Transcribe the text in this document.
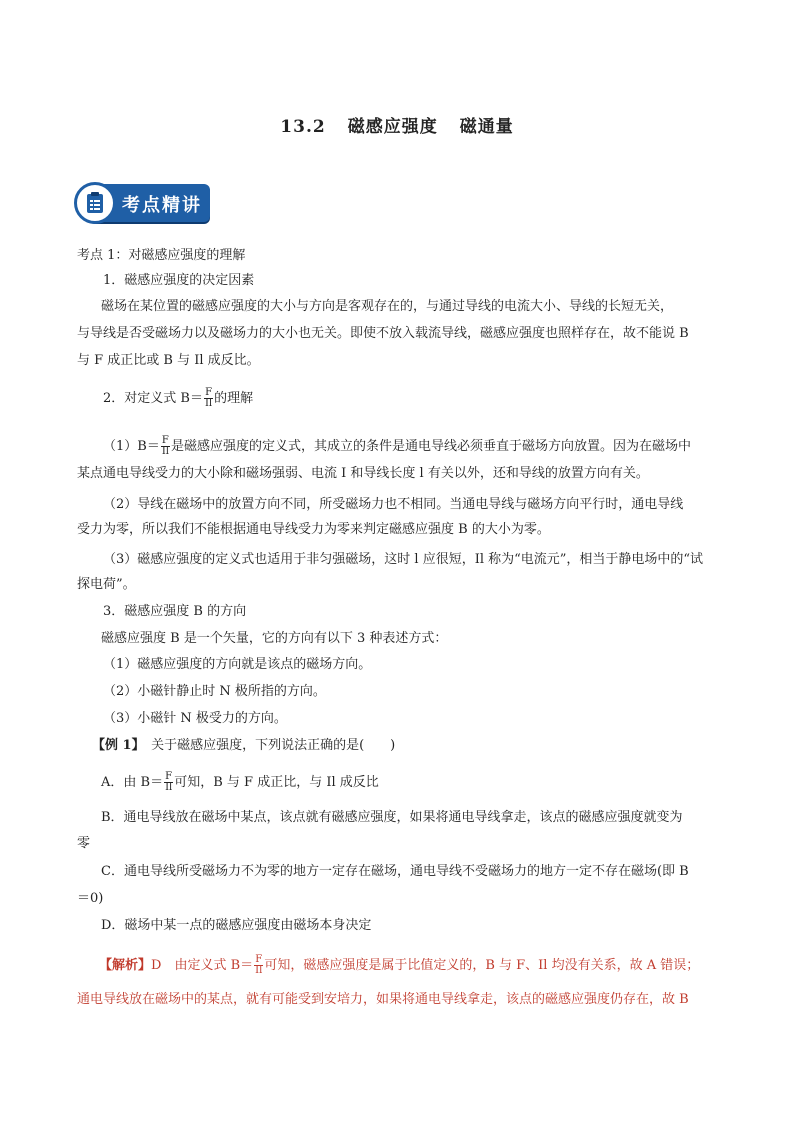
13.2 磁感应强度 磁通量
考点精讲
考点 1：对磁感应强度的理解
1．磁感应强度的决定因素
磁场在某位置的磁感应强度的大小与方向是客观存在的，与通过导线的电流大小、导线的长短无关，
与导线是否受磁场力以及磁场力的大小也无关。即使不放入载流导线，磁感应强度也照样存在，故不能说 B
与 F 成正比或 B 与 Il 成反比。
2．对定义式 $B= \frac{F}{Il}$ 的理解
$(1)B= \frac{F}{Il}$ 是磁感应强度的定义式，其成立的条件是通电导线必须垂直于磁场方向放置。因为在磁场中
某点通电导线受力的大小除和磁场强弱、电流 I 和导线长度 l 有关以外，还和导线的放置方向有关。
（2）导线在磁场中的放置方向不同，所受磁场力也不相同。当通电导线与磁场方向平行时，通电导线
受力为零，所以我们不能根据通电导线受力为零来判定磁感应强度 B 的大小为零。
（3）磁感应强度的定义式也适用于非匀强磁场，这时 l 应很短，Il 称为“电流元”，相当于静电场中的“试
探电荷”。
3．磁感应强度 B 的方向
磁感应强度 B 是一个矢量，它的方向有以下 3 种表述方式：
（1）磁感应强度的方向就是该点的磁场方向。
（2）小磁针静止时 N 极所指的方向。
（3）小磁针 N 极受力的方向。
【例 1】　 关于磁感应强度，下列说法正确的是(　　)
A．由 $B= \frac{F}{Il}$ 可知，B 与 F 成正比，与 Il 成反比
B．通电导线放在磁场中某点，该点就有磁感应强度，如果将通电导线拿走，该点的磁感应强度就变为
零
C．通电导线所受磁场力不为零的地方一定存在磁场，通电导线不受磁场力的地方一定不存在磁场(即 B
＝0)
D．磁场中某一点的磁感应强度由磁场本身决定
【解析】D　 由定义式 $B= \frac{F}{Il}$ 可知，磁感应强度是属于比值定义的，B 与 F、Il 均没有关系，故 A 错误；
通电导线放在磁场中的某点，就有可能受到安培力，如果将通电导线拿走，该点的磁感应强度仍存在，故 B
